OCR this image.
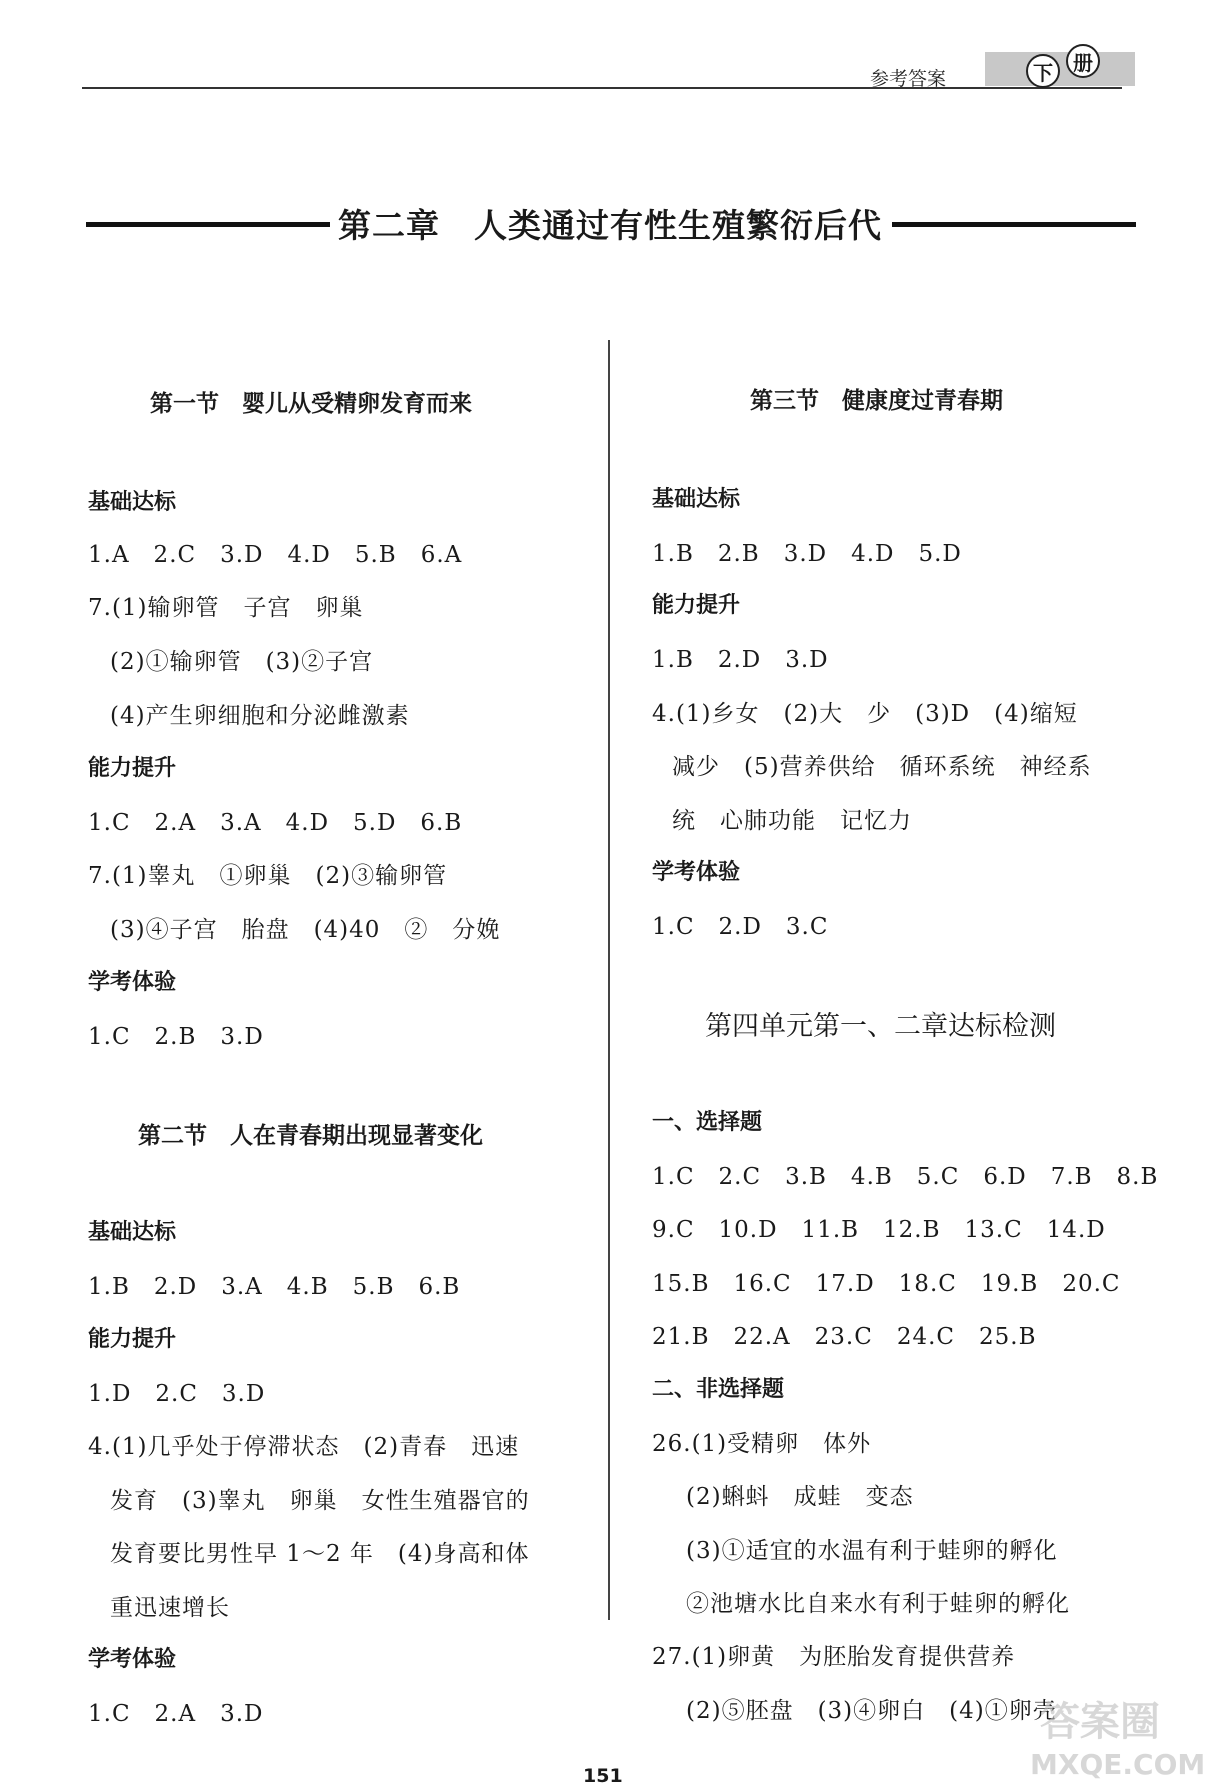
参考答案	下	册
第二章　人类通过有性生殖繁衍后代
第一节　婴儿从受精卵发育而来
基础达标
1.A　2.C　3.D　4.D　5.B　6.A
7.(1)输卵管　子宫　卵巢
(2)①输卵管　(3)②子宫
(4)产生卵细胞和分泌雌激素
能力提升
1.C　2.A　3.A　4.D　5.D　6.B
7.(1)睾丸　①卵巢　(2)③输卵管
(3)④子宫　胎盘　(4)40　②　分娩
学考体验
1.C　2.B　3.D
第二节　人在青春期出现显著变化
基础达标
1.B　2.D　3.A　4.B　5.B　6.B
能力提升
1.D　2.C　3.D
4.(1)几乎处于停滞状态　(2)青春　迅速
发育　(3)睾丸　卵巢　女性生殖器官的
发育要比男性早 1～2 年　(4)身高和体
重迅速增长
学考体验
1.C　2.A　3.D
第三节　健康度过青春期
基础达标
1.B　2.B　3.D　4.D　5.D
能力提升
1.B　2.D　3.D
4.(1)乡女　(2)大　少　(3)D　(4)缩短
减少　(5)营养供给　循环系统　神经系
统　心肺功能　记忆力
学考体验
1.C　2.D　3.C
第四单元第一、二章达标检测
一、选择题
1.C　2.C　3.B　4.B　5.C　6.D　7.B　8.B
9.C　10.D　11.B　12.B　13.C　14.D
15.B　16.C　17.D　18.C　19.B　20.C
21.B　22.A　23.C　24.C　25.B
二、非选择题
26.(1)受精卵　体外
(2)蝌蚪　成蛙　变态
(3)①适宜的水温有利于蛙卵的孵化
②池塘水比自来水有利于蛙卵的孵化
27.(1)卵黄　为胚胎发育提供营养
(2)⑤胚盘　(3)④卵白　(4)①卵壳
151
答案圈
MXQE.COM
